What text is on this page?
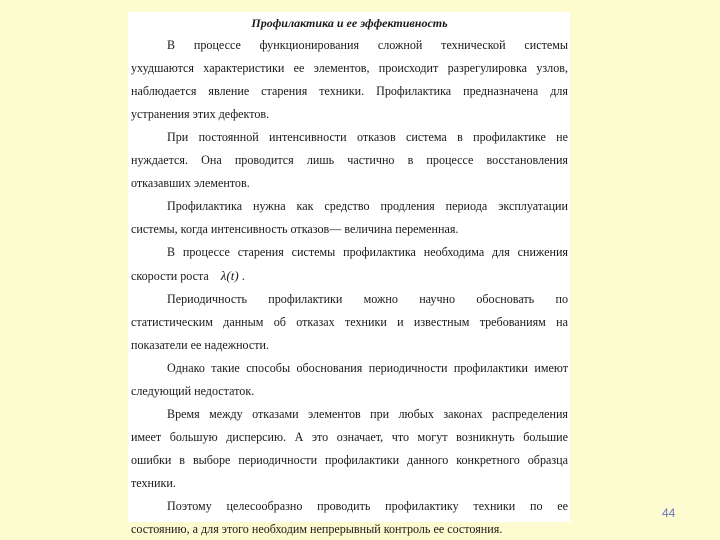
Профилактика и ее эффективность
В процессе функционирования сложной технической системы
ухудшаются характеристики ее элементов, происходит разрегулировка узлов,
наблюдается явление старения техники. Профилактика предназначена для
устранения этих дефектов.
При постоянной интенсивности отказов система в профилактике не
нуждается. Она проводится лишь частично в процессе восстановления
отказавших элементов.
Профилактика нужна как средство продления периода эксплуатации
системы, когда интенсивность отказов— величина переменная.
В процессе старения системы профилактика необходима для снижения
скорости роста λ(t) .
Периодичность профилактики можно научно обосновать по
статистическим данным об отказах техники и известным требованиям на
показатели ее надежности.
Однако такие способы обоснования периодичности профилактики имеют
следующий недостаток.
Время между отказами элементов при любых законах распределения
имеет большую дисперсию. А это означает, что могут возникнуть большие
ошибки в выборе периодичности профилактики данного конкретного образца
техники.
Поэтому целесообразно проводить профилактику техники по ее
состоянию, а для этого необходим непрерывный контроль ее состояния.
44
